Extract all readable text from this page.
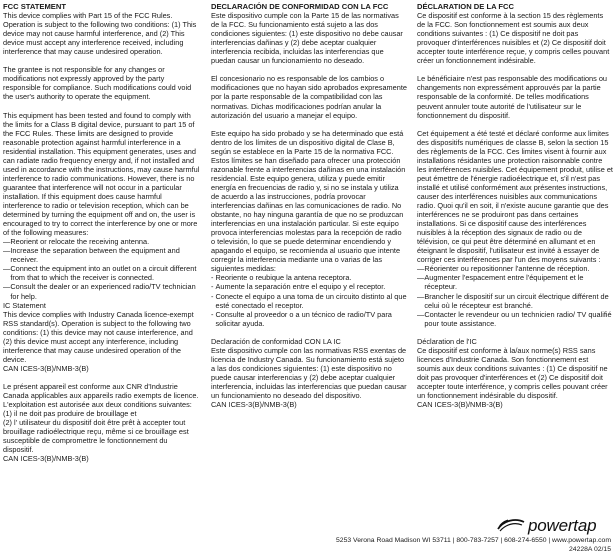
FCC STATEMENT

This device complies with Part 15 of the FCC Rules. Operation is subject to the following two conditions: (1) This device may not cause harmful interference, and (2) This device must accept any interference received, including interference that may cause undesired operation.

The grantee is not responsible for any changes or modifications not expressly approved by the party responsible for compliance. Such modifications could void the user's authority to operate the equipment.

This equipment has been tested and found to comply with the limits for a Class B digital device, pursuant to part 15 of the FCC Rules. These limits are designed to provide reasonable protection against harmful interference in a residential installation. This equipment generates, uses and can radiate radio frequency energy and, if not installed and used in accordance with the instructions, may cause harmful interference to radio communications. However, there is no guarantee that interference will not occur in a particular installation. If this equipment does cause harmful interference to radio or television reception, which can be determined by turning the equipment off and on, the user is encouraged to try to correct the interference by one or more of the following measures:

— Reorient or relocate the receiving antenna.
— Increase the separation between the equipment and receiver.
— Connect the equipment into an outlet on a circuit different from that to which the receiver is connected.
— Consult the dealer or an experienced radio/TV technician for help.
IC Statement

This device complies with Industry Canada licence-exempt RSS standard(s). Operation is subject to the following two conditions: (1) this device may not cause interference, and (2) this device must accept any interference, including interference that may cause undesired operation of the device.

CAN ICES-3(B)/NMB-3(B)

Le présent appareil est conforme aux CNR d'Industrie Canada applicables aux appareils radio exempts de licence. L'exploitation est autorisée aux deux conditions suivantes: (1) il ne doit pas produire de brouillage et

(2) l' utilisateur du dispositif doit être prêt à accepter tout brouillage radioélectrique reçu, même si ce brouillage est susceptible de compromettre le fonctionnement du dispositif.

CAN ICES-3(B)/NMB-3(B)
DECLARACIÓN DE CONFORMIDAD CON LA FCC

Este dispositivo cumple con la Parte 15 de las normativas de la FCC. Su funcionamiento está sujeto a las dos condiciones siguientes: (1) este dispositivo no debe causar interferencias dañinas y (2) debe aceptar cualquier interferencia recibida, incluidas las interferencias que puedan causar un funcionamiento no deseado.

El concesionario no es responsable de los cambios o modificaciones que no hayan sido aprobados expresamente por la parte responsable de la compatibilidad con las normativas. Dichas modificaciones podrían anular la autorización del usuario a manejar el equipo.

Este equipo ha sido probado y se ha determinado que está dentro de los límites de un dispositivo digital de Clase B, según se establece en la Parte 15 de la normativa FCC. Estos límites se han diseñado para ofrecer una protección razonable frente a interferencias dañinas en una instalación residencial. Este equipo genera, utiliza y puede emitir energía en frecuencias de radio y, si no se instala y utiliza de acuerdo a las instrucciones, podría provocar interferencias dañinas en las comunicaciones de radio. No obstante, no hay ninguna garantía de que no se produzcan interferencias en una instalación particular. Si este equipo provoca interferencias molestas para la recepción de radio o televisión, lo que se puede determinar encendiendo y apagando el equipo, se recomienda al usuario que intente corregir la interferencia mediante una o varias de las siguientes medidas:

- Reoriente o reubique la antena receptora.
- Aumente la separación entre el equipo y el receptor.
- Conecte el equipo a una toma de un circuito distinto al que esté conectado el receptor.
- Consulte al proveedor o a un técnico de radio/TV para solicitar ayuda.
Declaración de conformidad CON LA IC

Este dispositivo cumple con las normativas RSS exentas de licencia de Industry Canada. Su funcionamiento está sujeto a las dos condiciones siguientes: (1) este dispositivo no puede causar interferencias y (2) debe aceptar cualquier interferencia, incluidas las interferencias que puedan causar un funcionamiento no deseado del dispositivo.

CAN ICES-3(B)/NMB-3(B)
DÉCLARATION DE LA FCC

Ce dispositif est conforme à la section 15 des règlements de la FCC. Son fonctionnement est soumis aux deux conditions suivantes : (1) Ce dispositif ne doit pas provoquer d'interférences nuisibles et (2) Ce dispositif doit accepter toute interférence reçue, y compris celles pouvant créer un fonctionnement indésirable.

Le bénéficiaire n'est pas responsable des modifications ou changements non expressément approuvés par la partie responsable de la conformité. De telles modifications peuvent annuler toute autorité de l'utilisateur sur le fonctionnement du dispositif.

Cet équipement a été testé et déclaré conforme aux limites des dispositifs numériques de classe B, selon la section 15 des règlements de la FCC. Ces limites visent à fournir aux installations résidantes une protection raisonnable contre les interférences nuisibles. Cet équipement produit, utilise et peut émettre de l'énergie radioélectrique et, s'il n'est pas installé et utilisé conformément aux présentes instructions, causer des interférences nuisibles aux communications radio. Quoi qu'il en soit, il n'existe aucune garantie que des interférences ne se produiront pas dans certaines installations. Si ce dispositif cause des interférences nuisibles à la réception des signaux de radio ou de télévision, ce qui peut être déterminé en allumant et en éteignant le dispositif, l'utilisateur est invité à essayer de corriger ces interférences par l'un des moyens suivants :

— Réorienter ou repositionner l'antenne de réception.
— Augmenter l'espacement entre l'équipement et le récepteur.
— Brancher le dispositif sur un circuit électrique différent de celui où le récepteur est branché.
— Contacter le revendeur ou un technicien radio/ TV qualifié pour toute assistance.
Déclaration de l'IC

Ce dispositif est conforme à la/aux norme(s) RSS sans licences d'Industrie Canada. Son fonctionnement est soumis aux deux conditions suivantes : (1) Ce dispositif ne doit pas provoquer d'interférences et (2) Ce dispositif doit accepter toute interférence, y compris celles pouvant créer un fonctionnement indésirable du dispositif.

CAN ICES-3(B)/NMB-3(B)
powertap
5253 Verona Road Madison WI 53711 | 800-783-7257 | 608-274-6550 | www.powertap.com
24228A 02/15
